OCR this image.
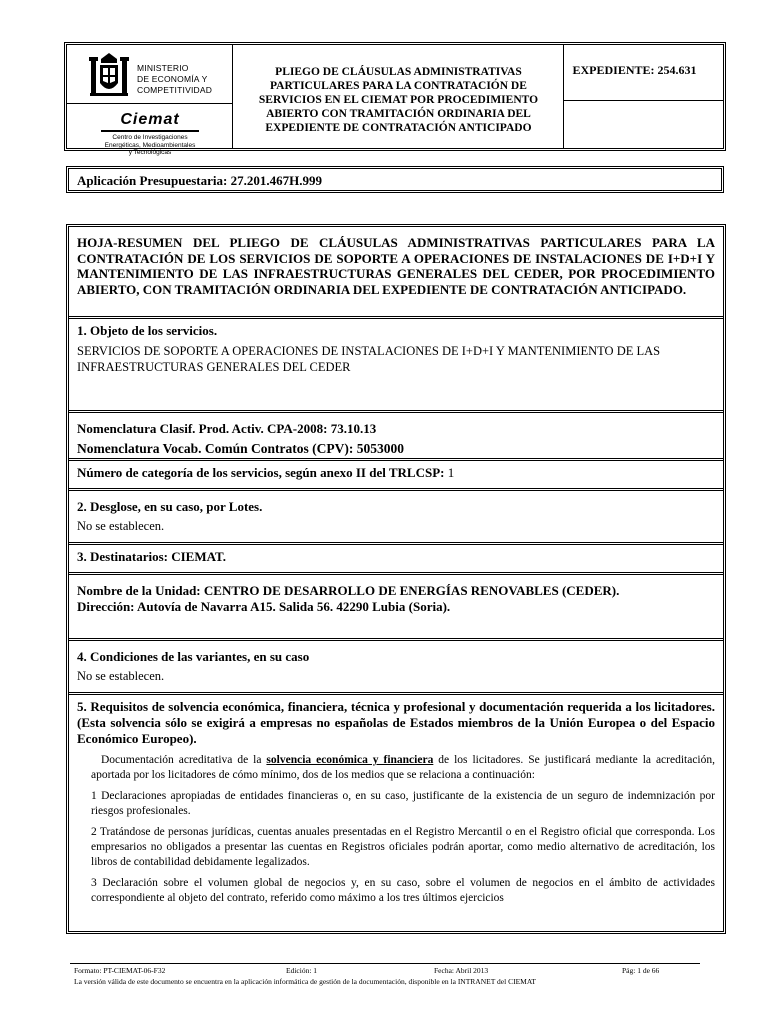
MINISTERIO
DE ECONOMÍA Y
COMPETITIVIDAD
Ciemat
Centro de Investigaciones
Energéticas, Medioambientales
y Tecnológicas
PLIEGO DE CLÁUSULAS ADMINISTRATIVAS PARTICULARES PARA LA CONTRATACIÓN DE SERVICIOS EN EL CIEMAT POR PROCEDIMIENTO ABIERTO CON TRAMITACIÓN ORDINARIA DEL EXPEDIENTE DE CONTRATACIÓN ANTICIPADO
EXPEDIENTE: 254.631
Aplicación Presupuestaria: 27.201.467H.999
HOJA-RESUMEN DEL PLIEGO DE CLÁUSULAS ADMINISTRATIVAS PARTICULARES PARA LA CONTRATACIÓN DE LOS SERVICIOS DE SOPORTE A OPERACIONES DE INSTALACIONES DE I+D+I Y MANTENIMIENTO DE LAS INFRAESTRUCTURAS GENERALES DEL CEDER, POR PROCEDIMIENTO ABIERTO, CON TRAMITACIÓN ORDINARIA DEL EXPEDIENTE DE CONTRATACIÓN ANTICIPADO.

1. Objeto de los servicios.

SERVICIOS DE SOPORTE A OPERACIONES DE INSTALACIONES DE I+D+I Y MANTENIMIENTO DE LAS INFRAESTRUCTURAS GENERALES DEL CEDER

Nomenclatura Clasif. Prod. Activ. CPA-2008: 73.10.13

Nomenclatura Vocab. Común Contratos (CPV): 5053000

Número de categoría de los servicios, según anexo II del TRLCSP: 1

2. Desglose, en su caso, por Lotes.

No se establecen.

3. Destinatarios: CIEMAT.

Nombre de la Unidad: CENTRO DE DESARROLLO DE ENERGÍAS RENOVABLES (CEDER).

Dirección: Autovía de Navarra A15. Salida 56. 42290 Lubia (Soria).

4. Condiciones de las variantes, en su caso

No se establecen.

5. Requisitos de solvencia económica, financiera, técnica y profesional y documentación requerida a los licitadores. (Esta solvencia sólo se exigirá a empresas no españolas de Estados miembros de la Unión Europea o del Espacio Económico Europeo).

Documentación acreditativa de la solvencia económica y financiera de los licitadores. Se justificará mediante la acreditación, aportada por los licitadores de cómo mínimo, dos de los medios que se relaciona a continuación:

1 Declaraciones apropiadas de entidades financieras o, en su caso, justificante de la existencia de un seguro de indemnización por riesgos profesionales.

2 Tratándose de personas jurídicas, cuentas anuales presentadas en el Registro Mercantil o en el Registro oficial que corresponda. Los empresarios no obligados a presentar las cuentas en Registros oficiales podrán aportar, como medio alternativo de acreditación, los libros de contabilidad debidamente legalizados.

3 Declaración sobre el volumen global de negocios y, en su caso, sobre el volumen de negocios en el ámbito de actividades correspondiente al objeto del contrato, referido como máximo a los tres últimos ejercicios

Formato: PT-CIEMAT-06-F32	Edición: 1	Fecha: Abril 2013	Pág: 1 de 66
La versión válida de este documento se encuentra en la aplicación informática de gestión de la documentación, disponible en la INTRANET del CIEMAT
